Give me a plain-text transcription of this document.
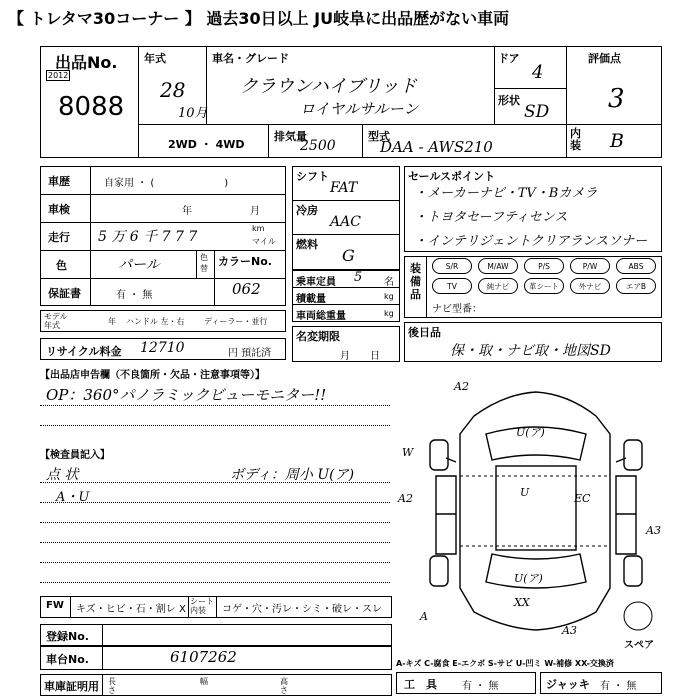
【 トレタマ30コーナー 】 過去30日以上 JU岐阜に出品歴がない車両
出品No.
2012
8088
年式
28
10月
車名・グレード
クラウンハイブリッド
ロイヤルサルーン
ドア
4
形状
SD
評価点
3
内装 B
2WD ・ 4WD
排気量
2500
型式
DAA - AWS210
車歴	自家用 ・ (　　　　　　　)
車検	年	月
走行 5 万 6 千 7 7 7
km
マイル
色	パール	色替
保証書	有 ・ 無
カラーNo.
062
モデル
年式	年 ハンドル 左・右 ディーラー・並行
リサイクル料金 12710	円 預託済
シフト
FAT
冷房
AAC
燃料
G
乗車定員 5 名
積載量	kg
車両総重量	kg
名変期限
月　　日
セールスポイント
・メーカーナビ・TV・Bカメラ
・トヨタセーフティセンス
・インテリジェントクリアランスソナー
装備品
S/R	M/AW	P/S	P/W	ABS
TV	純ナビ	革シート	外ナビ	エアB
ナビ型番：
後日品
保・取・ナビ取・地図SD
【出品店申告欄（不良箇所・欠品・注意事項等）】
OP：360°パノラミックビューモニター!!
【検査員記入】
点 状	ボディ：周小 U(ア)
A・U
FW キズ・ヒビ・石・割レ X
シート内装	コゲ・穴・汚レ・シミ・破レ・スレ
登録No.
車台No.	6107262
車庫証明用 長さ
幅	高さ
A-キズ C-腐食 E-エクボ S-サビ U-凹ミ W-補修 XX-交換済
工　具	有 ・ 無	ジャッキ 有 ・ 無
A2
U(ア)
W
A2	U	EC
A3
U(ア)
XX
A
A3
スペア
